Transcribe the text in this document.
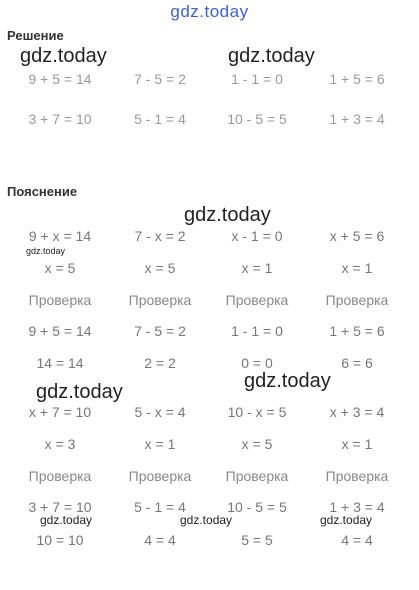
gdz.today
Решение
gdz.today	gdz.today
9 + 5 = 14	7 - 5 = 2	1 - 1 = 0	1 + 5 = 6
3 + 7 = 10	5 - 1 = 4	10 - 5 = 5	1 + 3 = 4
Пояснение
gdz.today
9 + x = 14	7 - x = 2	x - 1 = 0	x + 5 = 6
gdz.today
x = 5	x = 5	x = 1	x = 1
Проверка	Проверка	Проверка	Проверка
9 + 5 = 14	7 - 5 = 2	1 - 1 = 0	1 + 5 = 6
14 = 14	2 = 2	0 = 0	6 = 6
gdz.today
gdz.today
x + 7 = 10	5 - x = 4	10 - x = 5	x + 3 = 4
x = 3	x = 1	x = 5	x = 1
Проверка	Проверка	Проверка	Проверка
3 + 7 = 10	5 - 1 = 4	10 - 5 = 5	1 + 3 = 4
gdz.today	gdz.today	gdz.today
10 = 10	4 = 4	5 = 5	4 = 4
